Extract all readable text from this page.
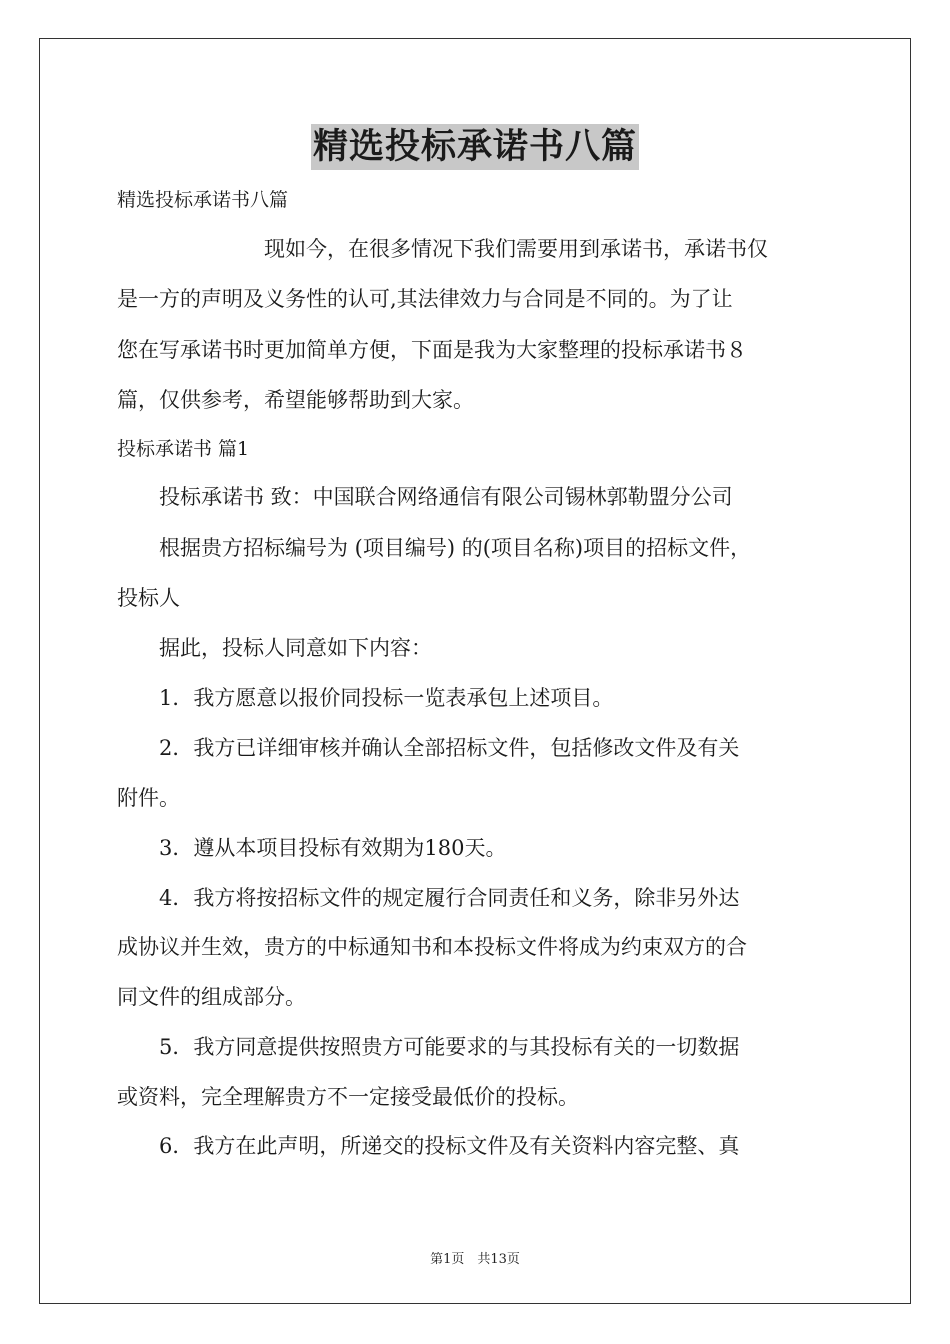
精选投标承诺书八篇
精选投标承诺书八篇
　　　　　　　现如今，在很多情况下我们需要用到承诺书，承诺书仅
是一方的声明及义务性的认可,其法律效力与合同是不同的。为了让
您在写承诺书时更加简单方便，下面是我为大家整理的投标承诺书８
篇，仅供参考，希望能够帮助到大家。
投标承诺书 篇1
　　投标承诺书 致：中国联合网络通信有限公司锡林郭勒盟分公司
　　根据贵方招标编号为 (项目编号) 的(项目名称)项目的招标文件，
投标人
　　据此，投标人同意如下内容：
　　1．我方愿意以报价同投标一览表承包上述项目。
　　2．我方已详细审核并确认全部招标文件，包括修改文件及有关
附件。
　　3．遵从本项目投标有效期为180天。
　　4．我方将按招标文件的规定履行合同责任和义务，除非另外达
成协议并生效，贵方的中标通知书和本投标文件将成为约束双方的合
同文件的组成部分。
　　5．我方同意提供按照贵方可能要求的与其投标有关的一切数据
或资料，完全理解贵方不一定接受最低价的投标。
　　6．我方在此声明，所递交的投标文件及有关资料内容完整、真
第1页　共13页
